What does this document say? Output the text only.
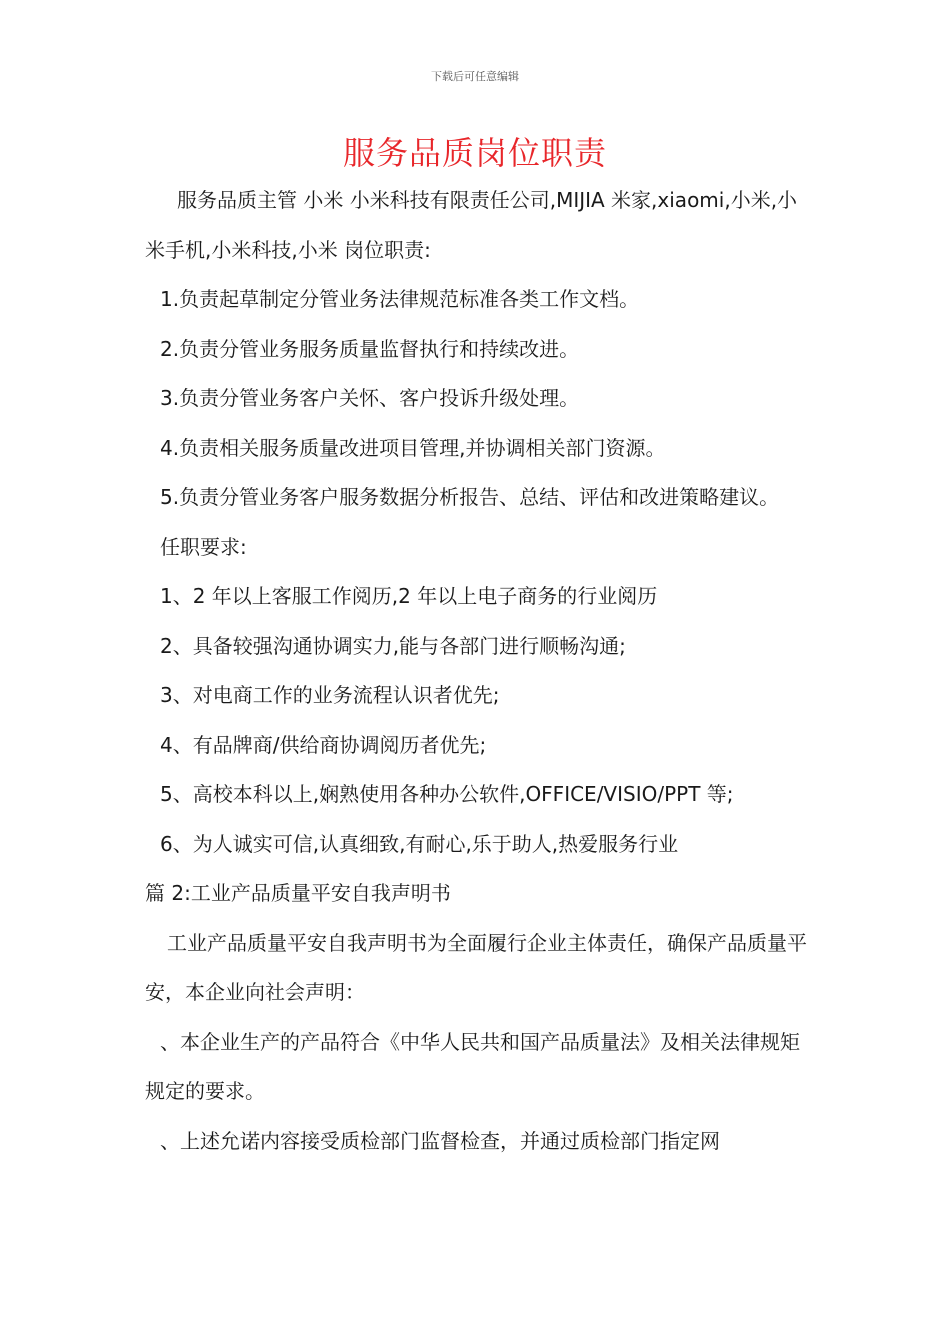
下载后可任意编辑
服务品质岗位职责

服务品质主管 小米 小米科技有限责任公司,MIJIA 米家,xiaomi,小米,小米手机,小米科技,小米 岗位职责:

1.负责起草制定分管业务法律规范标准各类工作文档。

2.负责分管业务服务质量监督执行和持续改进。

3.负责分管业务客户关怀、客户投诉升级处理。

4.负责相关服务质量改进项目管理,并协调相关部门资源。

5.负责分管业务客户服务数据分析报告、总结、评估和改进策略建议。

任职要求:

1、2 年以上客服工作阅历,2 年以上电子商务的行业阅历

2、具备较强沟通协调实力,能与各部门进行顺畅沟通;

3、对电商工作的业务流程认识者优先;

4、有品牌商/供给商协调阅历者优先;

5、高校本科以上,娴熟使用各种办公软件,OFFICE/VISIO/PPT 等;

6、为人诚实可信,认真细致,有耐心,乐于助人,热爱服务行业

篇 2:工业产品质量平安自我声明书

工业产品质量平安自我声明书为全面履行企业主体责任，确保产品质量平安，本企业向社会声明：

、本企业生产的产品符合《中华人民共和国产品质量法》及相关法律规矩规定的要求。

、上述允诺内容接受质检部门监督检查，并通过质检部门指定网
